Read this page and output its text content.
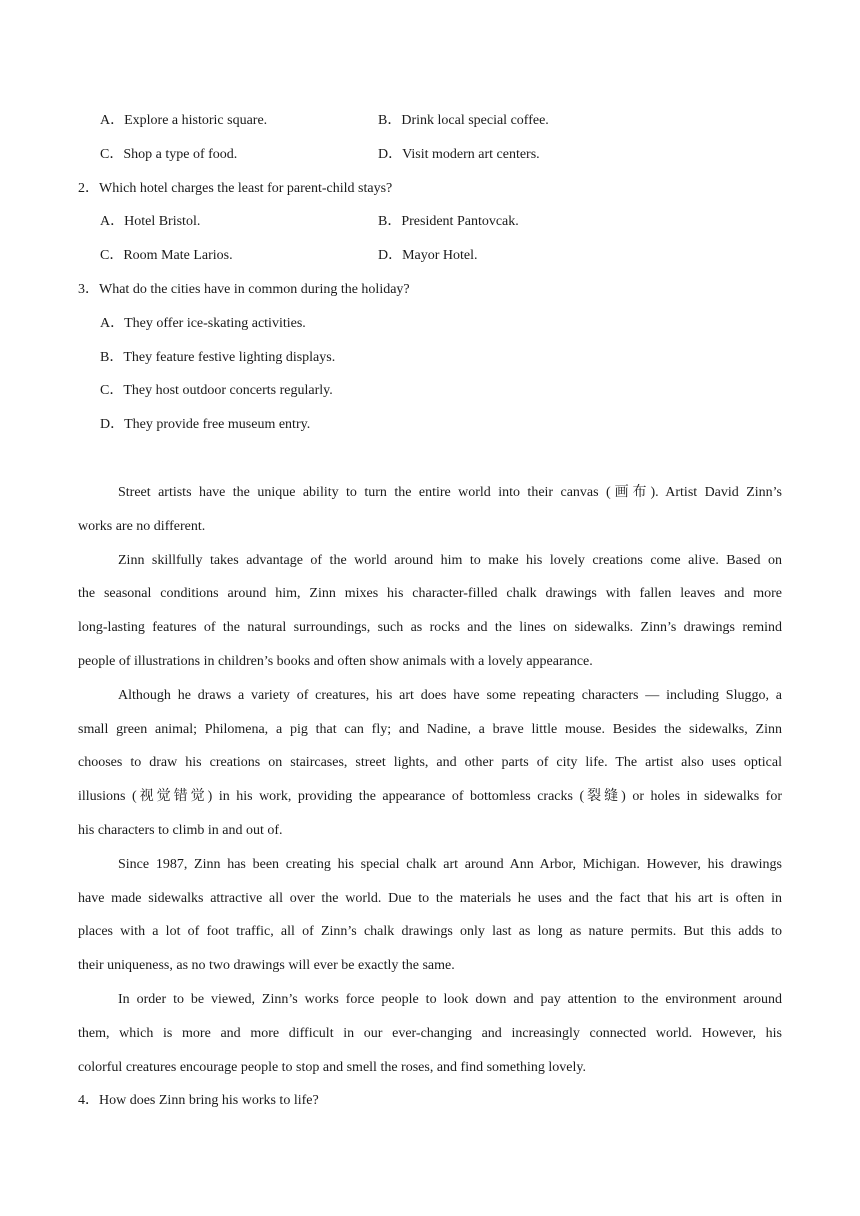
A．Explore a historic square.	B．Drink local special coffee.
C．Shop a type of food.	D．Visit modern art centers.
2．Which hotel charges the least for parent-child stays?
A．Hotel Bristol.	B．President Pantovcak.
C．Room Mate Larios.	D．Mayor Hotel.
3．What do the cities have in common during the holiday?
A．They offer ice-skating activities.
B．They feature festive lighting displays.
C．They host outdoor concerts regularly.
D．They provide free museum entry.
Street artists have the unique ability to turn the entire world into their canvas (画布). Artist David Zinn’s
works are no different.
Zinn skillfully takes advantage of the world around him to make his lovely creations come alive. Based on
the seasonal conditions around him, Zinn mixes his character-filled chalk drawings with fallen leaves and more
long-lasting features of the natural surroundings, such as rocks and the lines on sidewalks. Zinn’s drawings remind
people of illustrations in children’s books and often show animals with a lovely appearance.
Although he draws a variety of creatures, his art does have some repeating characters — including Sluggo, a
small green animal; Philomena, a pig that can fly; and Nadine, a brave little mouse. Besides the sidewalks, Zinn
chooses to draw his creations on staircases, street lights, and other parts of city life. The artist also uses optical
illusions (视觉错觉) in his work, providing the appearance of bottomless cracks (裂缝) or holes in sidewalks for
his characters to climb in and out of.
Since 1987, Zinn has been creating his special chalk art around Ann Arbor, Michigan. However, his drawings
have made sidewalks attractive all over the world. Due to the materials he uses and the fact that his art is often in
places with a lot of foot traffic, all of Zinn’s chalk drawings only last as long as nature permits. But this adds to
their uniqueness, as no two drawings will ever be exactly the same.
In order to be viewed, Zinn’s works force people to look down and pay attention to the environment around
them, which is more and more difficult in our ever-changing and increasingly connected world. However, his
colorful creatures encourage people to stop and smell the roses, and find something lovely.
4．How does Zinn bring his works to life?
